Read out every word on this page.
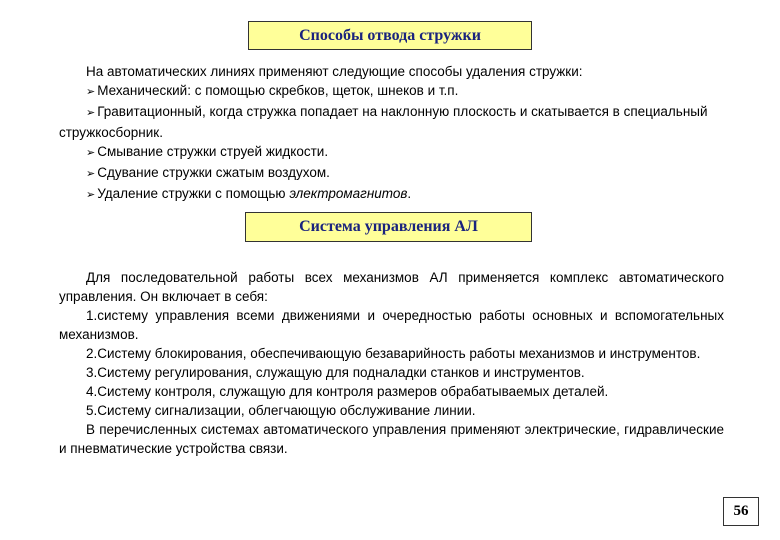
Способы отвода стружки

На автоматических линиях применяют следующие способы удаления стружки:

➢ Механический: с помощью скребков, щеток, шнеков и т.п.

➢ Гравитационный, когда стружка попадает на наклонную плоскость и скатывается в специальный стружкосборник.

➢ Смывание стружки струей жидкости.

➢ Сдувание стружки сжатым воздухом.

➢ Удаление стружки с помощью электромагнитов.

Система управления АЛ

Для последовательной работы всех механизмов АЛ применяется комплекс автоматического управления. Он включает в себя:

1.систему управления всеми движениями и очередностью работы основных и вспомогательных механизмов.

2.Систему блокирования, обеспечивающую безаварийность работы механизмов и инструментов.

3.Систему регулирования, служащую для подналадки станков и инструментов.

4.Систему контроля, служащую для контроля размеров обрабатываемых деталей.

5.Систему сигнализации, облегчающую обслуживание линии.

В перечисленных системах автоматического управления применяют электрические, гидравлические и пневматические устройства связи.

56
